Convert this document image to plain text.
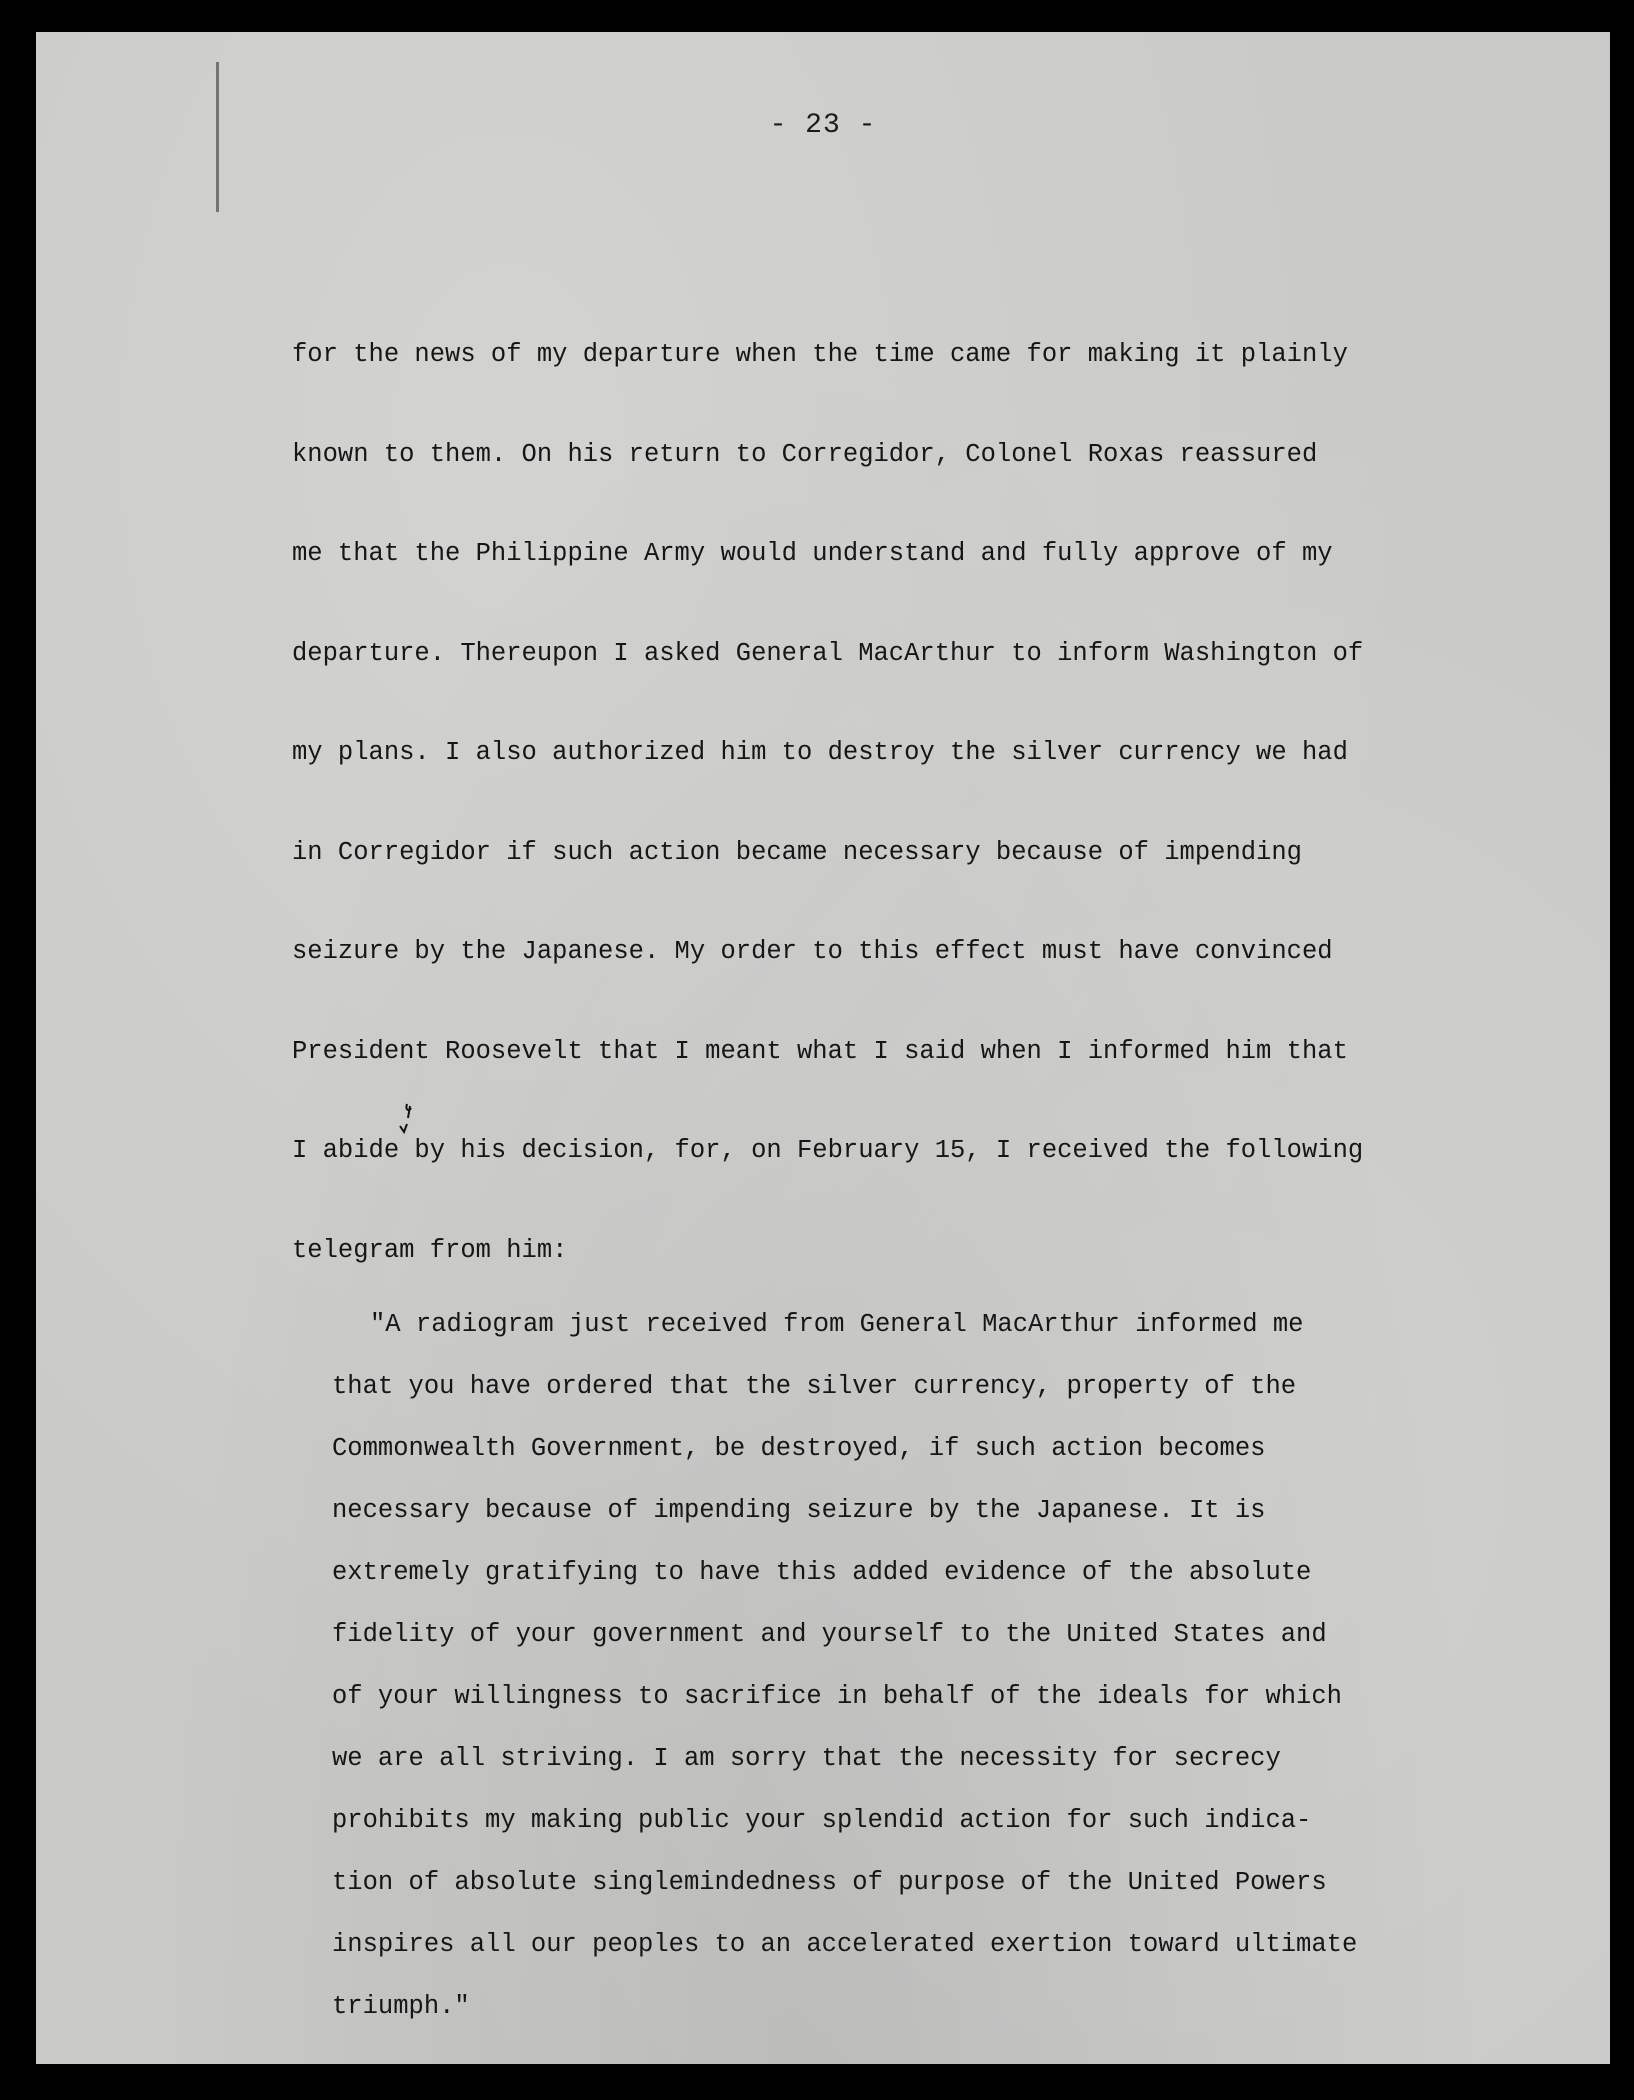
- 23 -
for the news of my departure when the time came for making it plainly
known to them. On his return to Corregidor, Colonel Roxas reassured
me that the Philippine Army would understand and fully approve of my
departure. Thereupon I asked General MacArthur to inform Washington of
my plans. I also authorized him to destroy the silver currency we had
in Corregidor if such action became necessary because of impending
seizure by the Japanese. My order to this effect must have convinced
President Roosevelt that I meant what I said when I informed him that
I abide by his decision, for, on February 15, I received the following
telegram from him:
"A radiogram just received from General MacArthur informed me
that you have ordered that the silver currency, property of the
Commonwealth Government, be destroyed, if such action becomes
necessary because of impending seizure by the Japanese. It is
extremely gratifying to have this added evidence of the absolute
fidelity of your government and yourself to the United States and
of your willingness to sacrifice in behalf of the ideals for which
we are all striving. I am sorry that the necessity for secrecy
prohibits my making public your splendid action for such indica-
tion of absolute singlemindedness of purpose of the United Powers
inspires all our peoples to an accelerated exertion toward ultimate
triumph."
